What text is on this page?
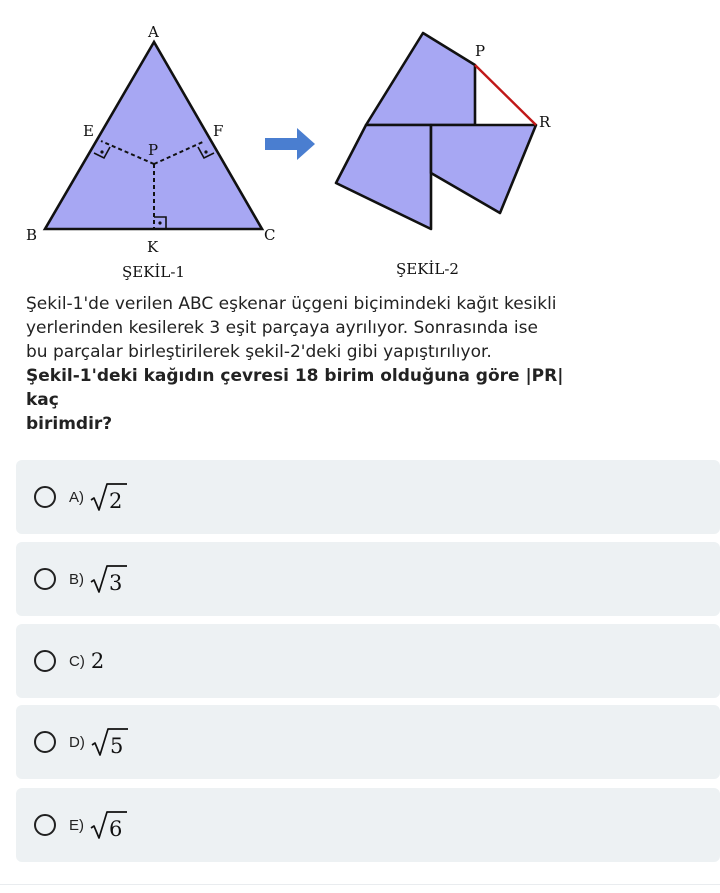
A
B	C
E	F
P
K
ŞEKİL-1
P
R
ŞEKİL-2

Şekil-1'de verilen ABC eşkenar üçgeni biçimindeki kağıt kesikli

yerlerinden kesilerek 3 eşit parçaya ayrılıyor. Sonrasında ise

bu parçalar birleştirilerek şekil-2'deki gibi yapıştırılıyor.

Şekil-1'deki kağıdın çevresi 18 birim olduğuna göre |PR| kaç

birimdir?

A) 2
B) 3
C) 2
D) 5
E) 6
